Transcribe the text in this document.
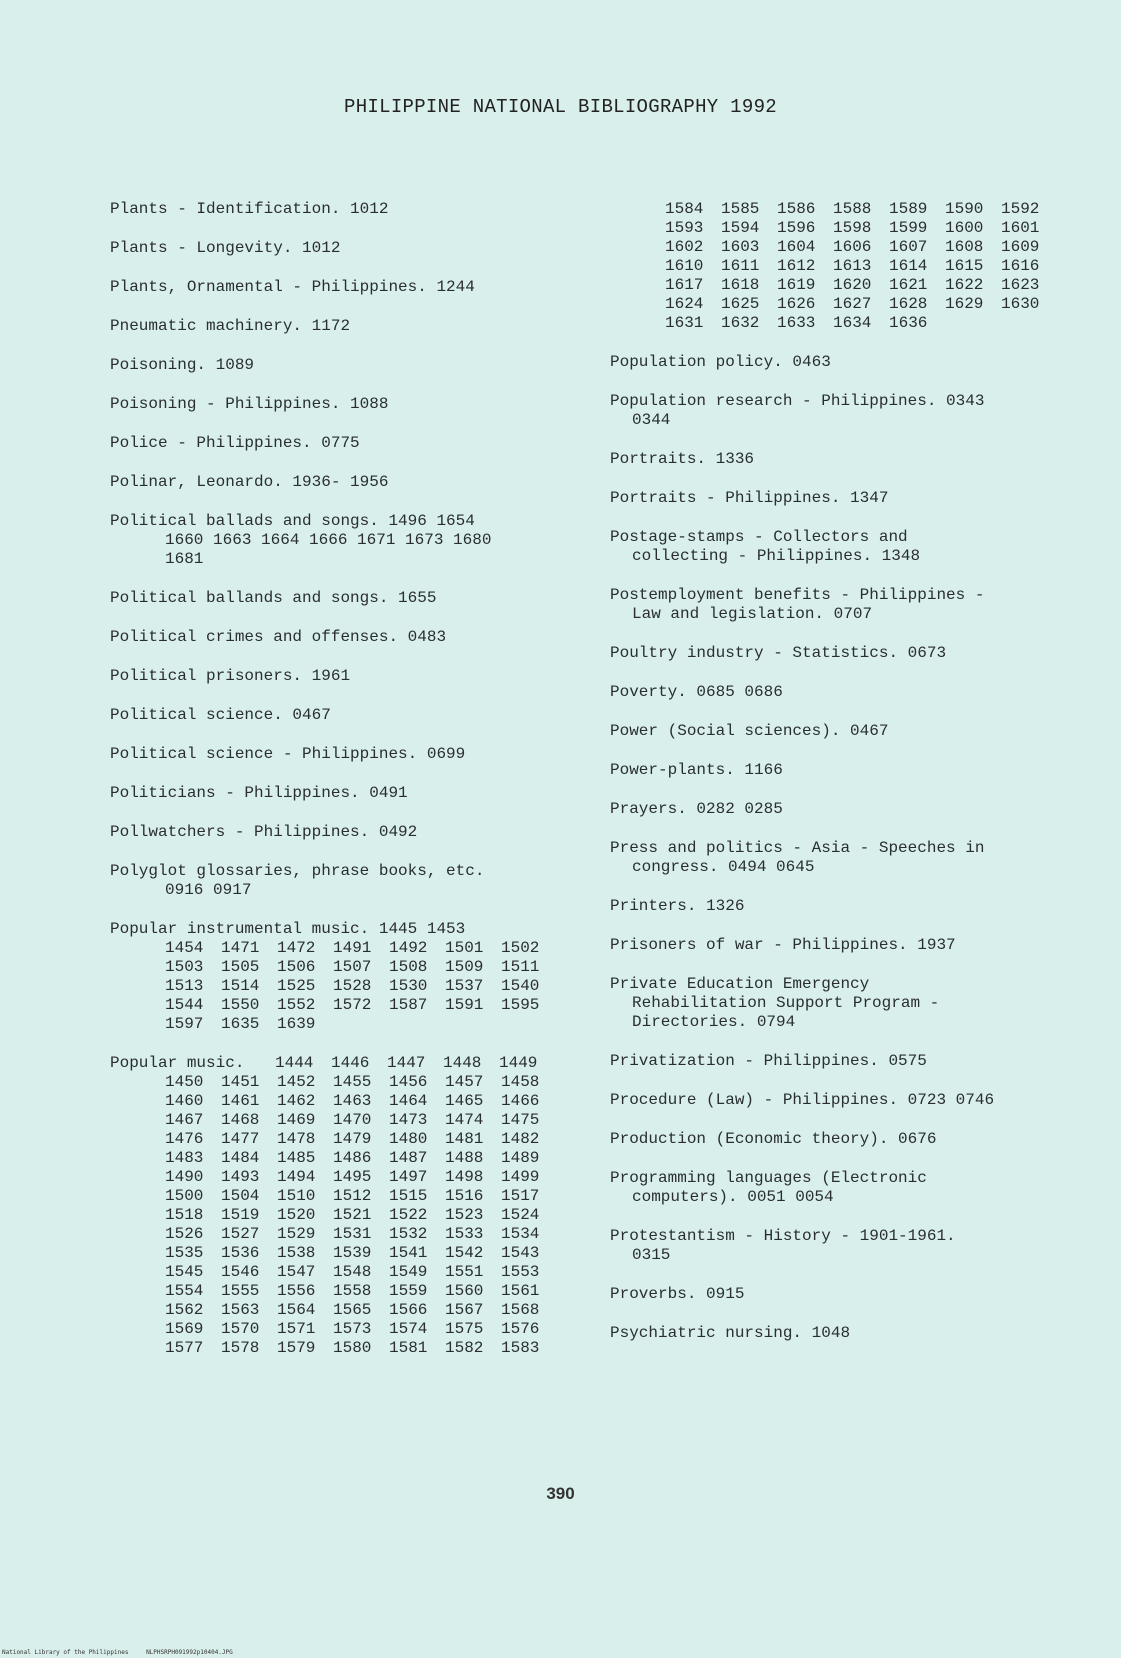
PHILIPPINE NATIONAL BIBLIOGRAPHY 1992
Plants - Identification. 1012
Plants - Longevity. 1012
Plants, Ornamental - Philippines. 1244
Pneumatic machinery. 1172
Poisoning. 1089
Poisoning - Philippines. 1088
Police - Philippines. 0775
Polinar, Leonardo. 1936- 1956
Political ballads and songs. 1496 1654
1660 1663 1664 1666 1671 1673 1680
1681
Political ballands and songs. 1655
Political crimes and offenses. 0483
Political prisoners. 1961
Political science. 0467
Political science - Philippines. 0699
Politicians - Philippines. 0491
Pollwatchers - Philippines. 0492
Polyglot glossaries, phrase books, etc.
0916 0917
Popular instrumental music. 1445 1453
1454 1471 1472 1491 1492 1501 1502
1503 1505 1506 1507 1508 1509 1511
1513 1514 1525 1528 1530 1537 1540
1544 1550 1552 1572 1587 1591 1595
1597 1635 1639
Popular music. 1444 1446 1447 1448 1449
1450 1451 1452 1455 1456 1457 1458
1460 1461 1462 1463 1464 1465 1466
1467 1468 1469 1470 1473 1474 1475
1476 1477 1478 1479 1480 1481 1482
1483 1484 1485 1486 1487 1488 1489
1490 1493 1494 1495 1497 1498 1499
1500 1504 1510 1512 1515 1516 1517
1518 1519 1520 1521 1522 1523 1524
1526 1527 1529 1531 1532 1533 1534
1535 1536 1538 1539 1541 1542 1543
1545 1546 1547 1548 1549 1551 1553
1554 1555 1556 1558 1559 1560 1561
1562 1563 1564 1565 1566 1567 1568
1569 1570 1571 1573 1574 1575 1576
1577 1578 1579 1580 1581 1582 1583
1584 1585 1586 1588 1589 1590 1592
1593 1594 1596 1598 1599 1600 1601
1602 1603 1604 1606 1607 1608 1609
1610 1611 1612 1613 1614 1615 1616
1617 1618 1619 1620 1621 1622 1623
1624 1625 1626 1627 1628 1629 1630
1631 1632 1633 1634 1636
Population policy. 0463
Population research - Philippines. 0343
0344
Portraits. 1336
Portraits - Philippines. 1347
Postage-stamps - Collectors and
collecting - Philippines. 1348
Postemployment benefits - Philippines -
Law and legislation. 0707
Poultry industry - Statistics. 0673
Poverty. 0685 0686
Power (Social sciences). 0467
Power-plants. 1166
Prayers. 0282 0285
Press and politics - Asia - Speeches in
congress. 0494 0645
Printers. 1326
Prisoners of war - Philippines. 1937
Private Education Emergency
Rehabilitation Support Program -
Directories. 0794
Privatization - Philippines. 0575
Procedure (Law) - Philippines. 0723 0746
Production (Economic theory). 0676
Programming languages (Electronic
computers). 0051 0054
Protestantism - History - 1901-1961.
0315
Proverbs. 0915
Psychiatric nursing. 1048
390
National Library of the Philippines	NLPHSRPH091992p10404.JPG
